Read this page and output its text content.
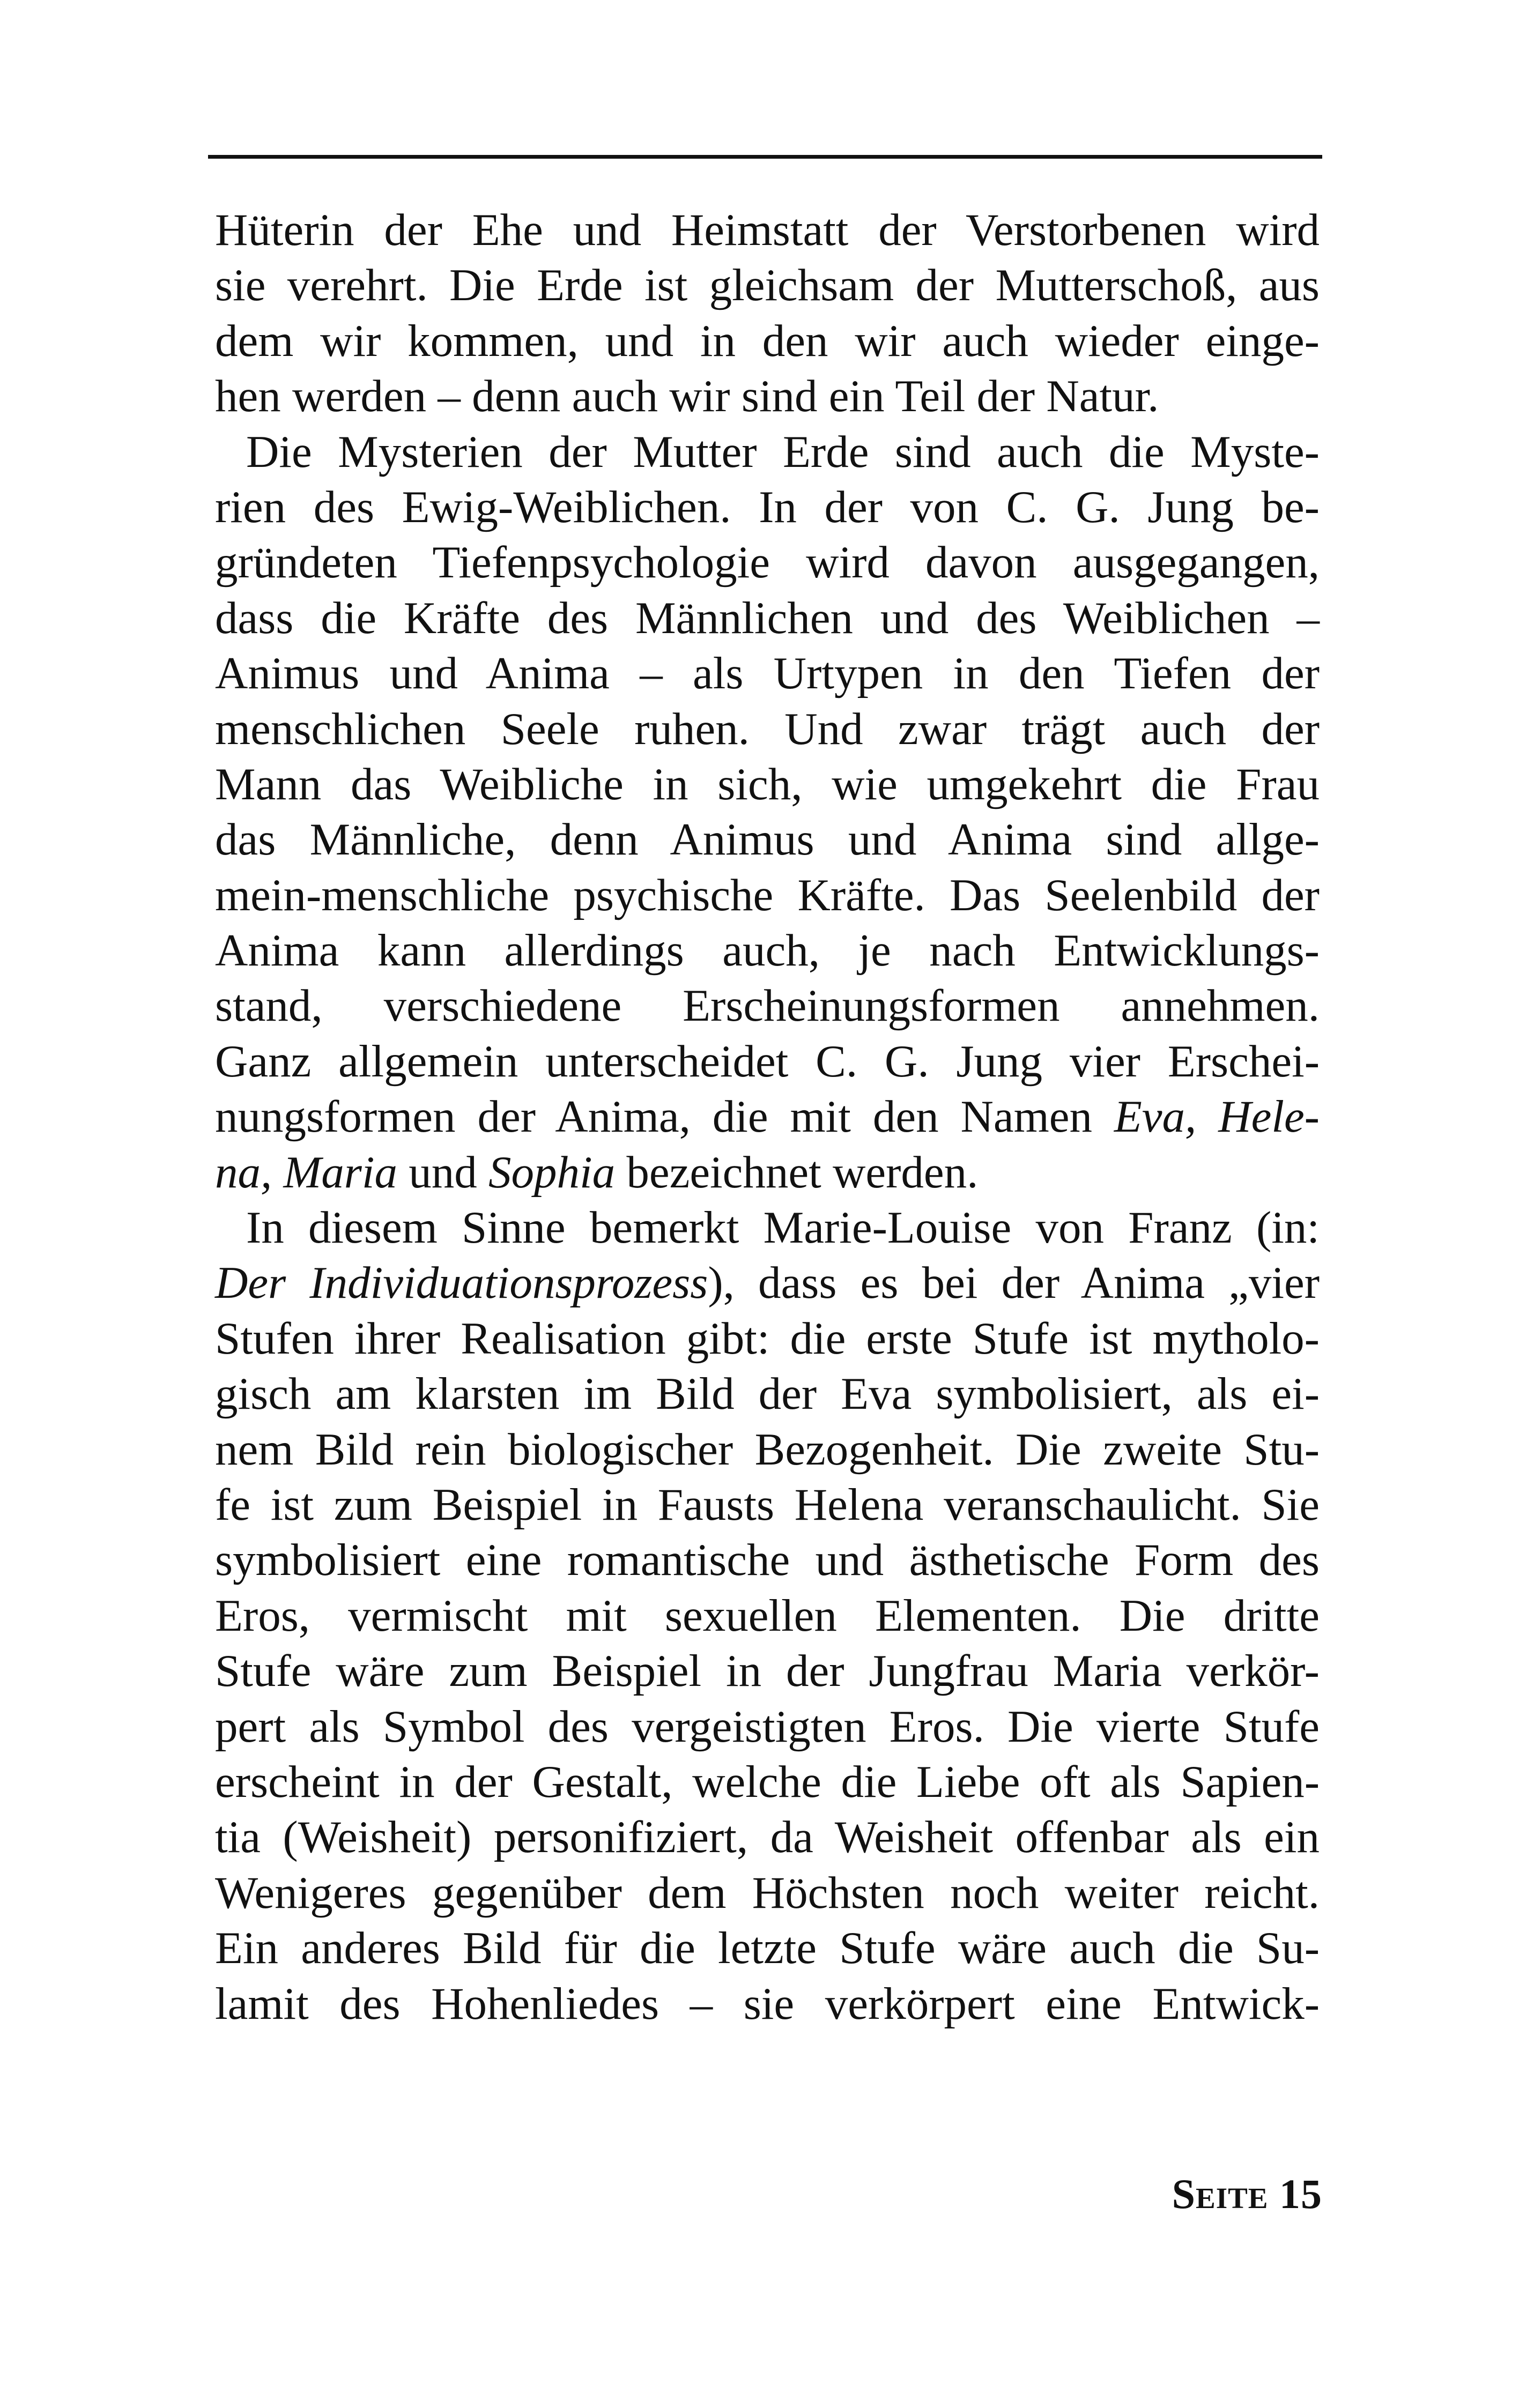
Hüterin der Ehe und Heimstatt der Verstorbenen wird
sie verehrt. Die Erde ist gleichsam der Mutterschoß, aus
dem wir kommen, und in den wir auch wieder einge-
hen werden – denn auch wir sind ein Teil der Natur.
Die Mysterien der Mutter Erde sind auch die Myste-
rien des Ewig-Weiblichen. In der von C. G. Jung be-
gründeten Tiefenpsychologie wird davon ausgegangen,
dass die Kräfte des Männlichen und des Weiblichen –
Animus und Anima – als Urtypen in den Tiefen der
menschlichen Seele ruhen. Und zwar trägt auch der
Mann das Weibliche in sich, wie umgekehrt die Frau
das Männliche, denn Animus und Anima sind allge-
mein-menschliche psychische Kräfte. Das Seelenbild der
Anima kann allerdings auch, je nach Entwicklungs-
stand, verschiedene Erscheinungsformen annehmen.
Ganz allgemein unterscheidet C. G. Jung vier Erschei-
nungsformen der Anima, die mit den Namen Eva, Hele-
na, Maria und Sophia bezeichnet werden.
In diesem Sinne bemerkt Marie-Louise von Franz (in:
Der Individuationsprozess), dass es bei der Anima „vier
Stufen ihrer Realisation gibt: die erste Stufe ist mytholo-
gisch am klarsten im Bild der Eva symbolisiert, als ei-
nem Bild rein biologischer Bezogenheit. Die zweite Stu-
fe ist zum Beispiel in Fausts Helena veranschaulicht. Sie
symbolisiert eine romantische und ästhetische Form des
Eros, vermischt mit sexuellen Elementen. Die dritte
Stufe wäre zum Beispiel in der Jungfrau Maria verkör-
pert als Symbol des vergeistigten Eros. Die vierte Stufe
erscheint in der Gestalt, welche die Liebe oft als Sapien-
tia (Weisheit) personifiziert, da Weisheit offenbar als ein
Wenigeres gegenüber dem Höchsten noch weiter reicht.
Ein anderes Bild für die letzte Stufe wäre auch die Su-
lamit des Hohenliedes – sie verkörpert eine Entwick-
Seite 15
